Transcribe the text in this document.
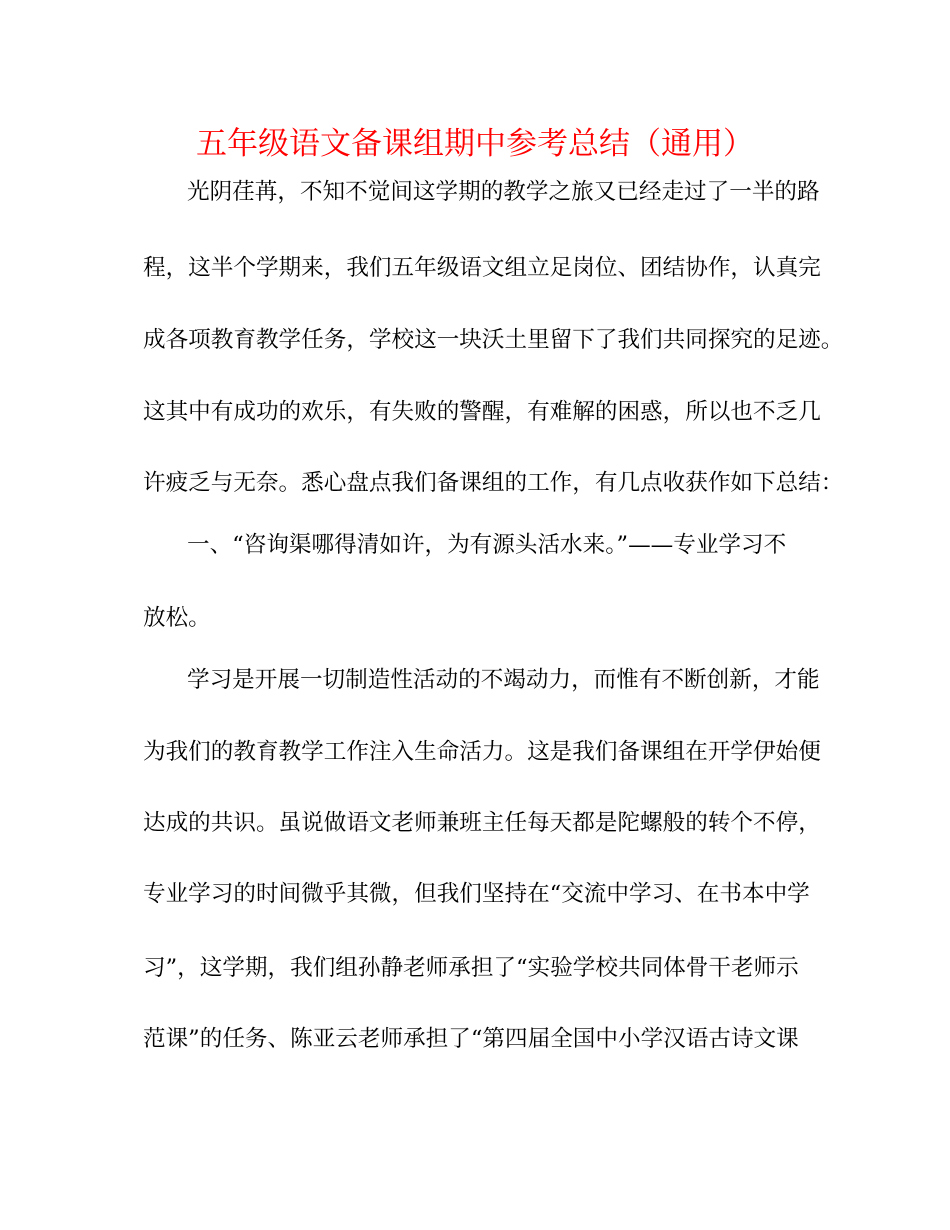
五年级语文备课组期中参考总结（通用）
光阴荏苒，不知不觉间这学期的教学之旅又已经走过了一半的路
程，这半个学期来，我们五年级语文组立足岗位、团结协作，认真完
成各项教育教学任务，学校这一块沃土里留下了我们共同探究的足迹。
这其中有成功的欢乐，有失败的警醒，有难解的困惑，所以也不乏几
许疲乏与无奈。悉心盘点我们备课组的工作，有几点收获作如下总结：
一、“咨询渠哪得清如许，为有源头活水来。”——专业学习不
放松。
学习是开展一切制造性活动的不竭动力，而惟有不断创新，才能
为我们的教育教学工作注入生命活力。这是我们备课组在开学伊始便
达成的共识。虽说做语文老师兼班主任每天都是陀螺般的转个不停，
专业学习的时间微乎其微，但我们坚持在“交流中学习、在书本中学
习”，这学期，我们组孙静老师承担了“实验学校共同体骨干老师示
范课”的任务、陈亚云老师承担了“第四届全国中小学汉语古诗文课
